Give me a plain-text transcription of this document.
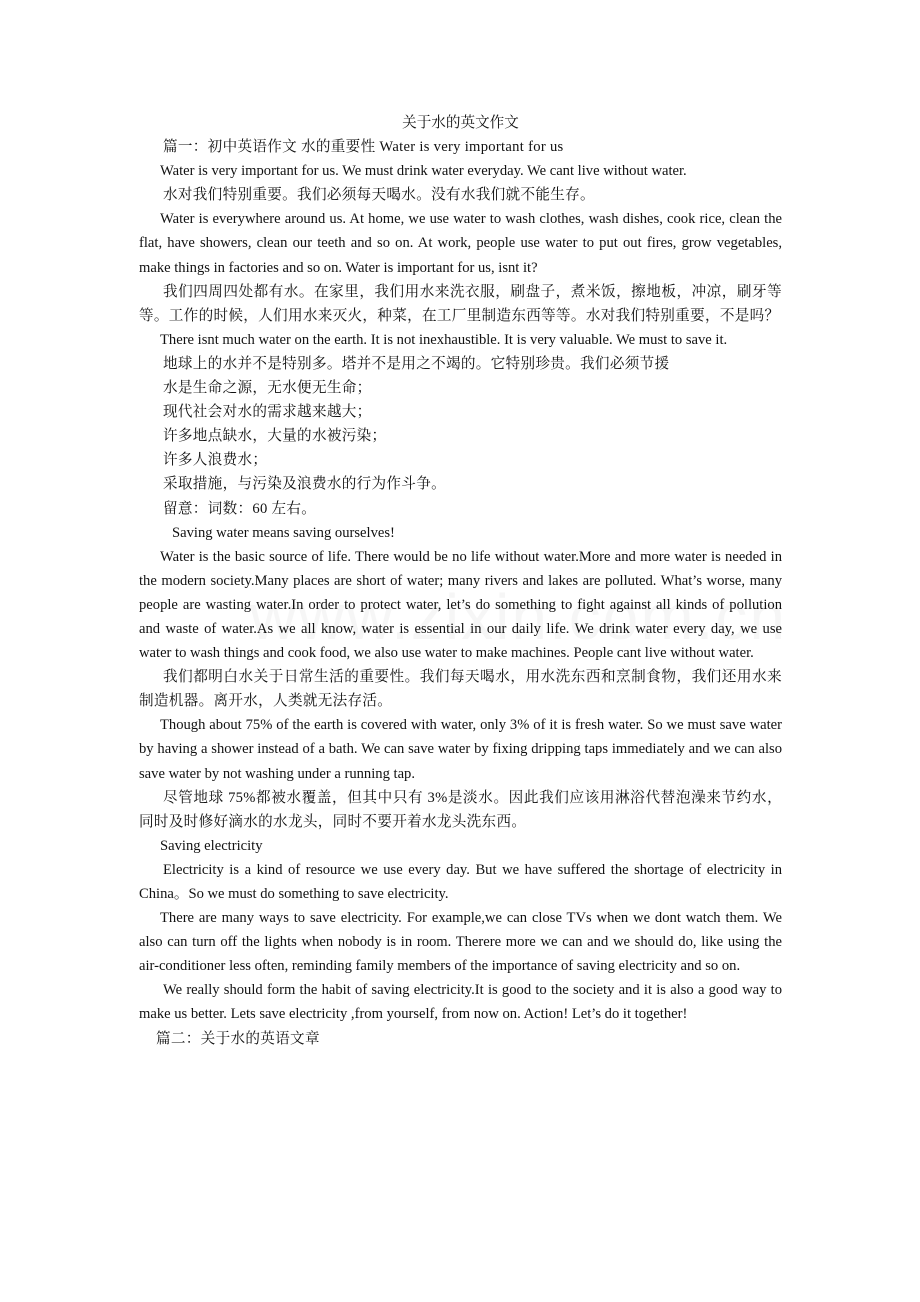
关于水的英文作文

篇一：初中英语作文 水的重要性 Water is very important for us

Water is very important for us. We must drink water everyday. We cant live without water.

水对我们特别重要。我们必须每天喝水。没有水我们就不能生存。

Water is everywhere around us. At home, we use water to wash clothes, wash dishes, cook rice, clean the flat, have showers, clean our teeth and so on. At work, people use water to put out fires, grow vegetables, make things in factories and so on. Water is important for us, isnt it?

我们四周四处都有水。在家里，我们用水来洗衣服，刷盘子，煮米饭，擦地板，冲凉，刷牙等等。工作的时候，人们用水来灭火，种菜，在工厂里制造东西等等。水对我们特别重要，不是吗？

There isnt much water on the earth. It is not inexhaustible. It is very valuable. We must to save it.

地球上的水并不是特别多。塔并不是用之不竭的。它特别珍贵。我们必须节援

水是生命之源，无水便无生命；

现代社会对水的需求越来越大；

许多地点缺水，大量的水被污染；

许多人浪费水；

采取措施，与污染及浪费水的行为作斗争。

留意：词数：60 左右。

Saving water means saving ourselves!

Water is the basic source of life. There would be no life without water.More and more water is needed in the modern society.Many places are short of water; many rivers and lakes are polluted. What’s worse, many people are wasting water.In order to protect water, let’s do something to fight against all kinds of pollution and waste of water.As we all know, water is essential in our daily life. We drink water every day, we use water to wash things and cook food, we also use water to make machines. People cant live without water.

我们都明白水关于日常生活的重要性。我们每天喝水，用水洗东西和烹制食物，我们还用水来制造机器。离开水，人类就无法存活。

Though about 75% of the earth is covered with water, only 3% of it is fresh water. So we must save water by having a shower instead of a bath. We can save water by fixing dripping taps immediately and we can also save water by not washing under a running tap.

尽管地球 75%都被水覆盖，但其中只有 3%是淡水。因此我们应该用淋浴代替泡澡来节约水，同时及时修好滴水的水龙头，同时不要开着水龙头洗东西。

Saving electricity

Electricity is a kind of resource we use every day. But we have suffered the shortage of electricity in China。So we must do something to save electricity.

There are many ways to save electricity. For example,we can close TVs when we dont watch them. We also can turn off the lights when nobody is in room. Therere more we can and we should do, like using the air-conditioner less often, reminding family members of the importance of saving electricity and so on.

We really should form the habit of saving electricity.It is good to the society and it is also a good way to make us better. Lets save electricity ,from yourself, from now on. Action! Let’s do it together!

篇二：关于水的英语文章
